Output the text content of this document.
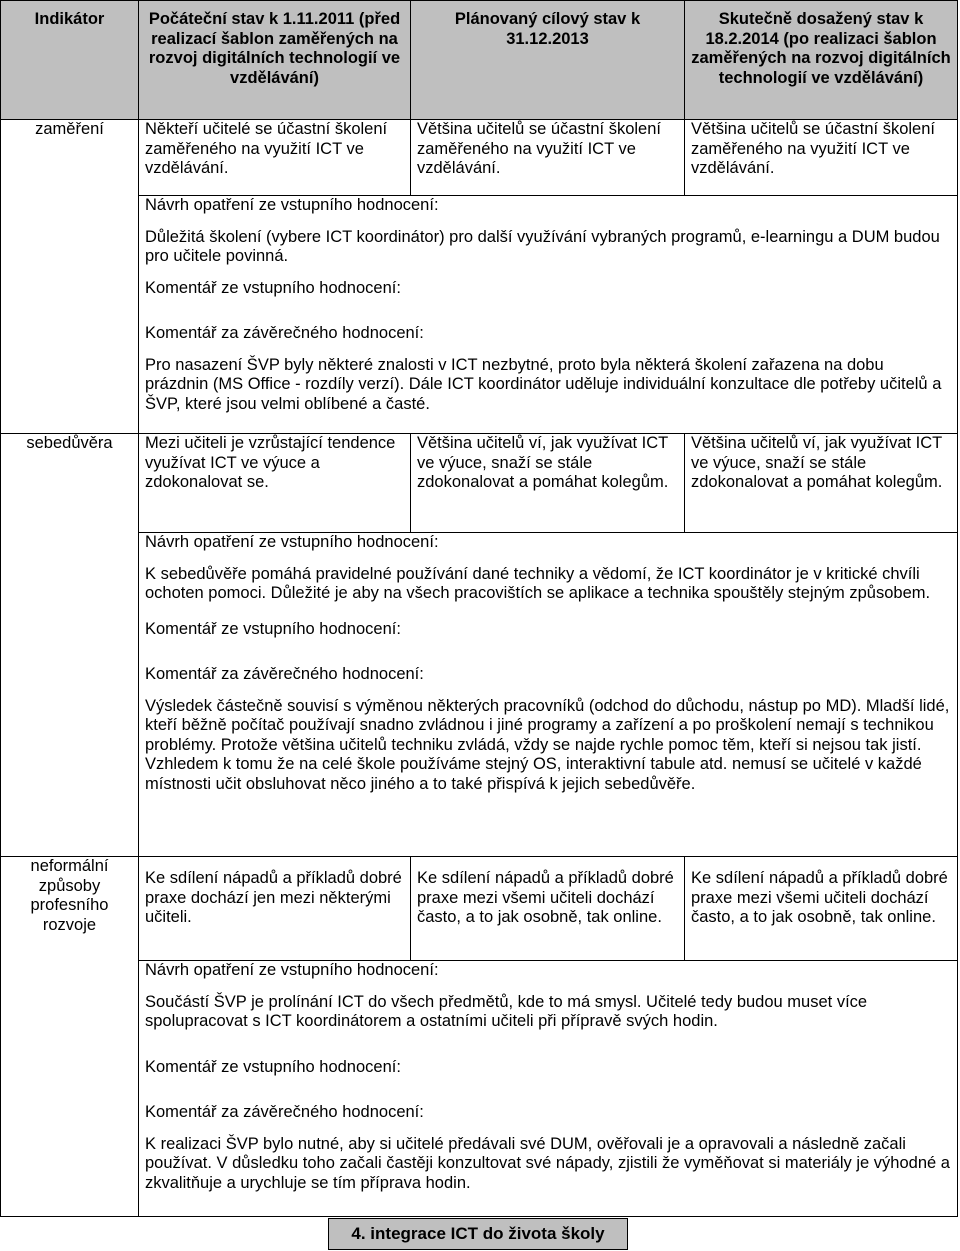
Indikátor	Počáteční stav k 1.11.2011 (před realizací šablon zaměřených na rozvoj digitálních technologií ve vzdělávání)	Plánovaný cílový stav k 31.12.2013	Skutečně dosažený stav k 18.2.2014 (po realizaci šablon zaměřených na rozvoj digitálních technologií ve vzdělávání)
zaměření	Někteří učitelé se účastní školení zaměřeného na využití ICT ve vzdělávání.	Většina učitelů se účastní školení zaměřeného na využití ICT ve vzdělávání.	Většina učitelů se účastní školení zaměřeného na využití ICT ve vzdělávání.

	Návrh opatření ze vstupního hodnocení:
Důležitá školení (vybere ICT koordinátor) pro další využívání vybraných programů, e-learningu a DUM budou pro učitele povinná.
Komentář ze vstupního hodnocení:
Komentář za závěrečného hodnocení:
Pro nasazení ŠVP byly některé znalosti v ICT nezbytné, proto byla některá školení zařazena na dobu prázdnin (MS Office - rozdíly verzí). Dále ICT koordinátor uděluje individuální konzultace dle potřeby učitelů a ŠVP, které jsou velmi oblíbené a časté.		

sebedůvěra	Mezi učiteli je vzrůstající tendence využívat ICT ve výuce a zdokonalovat se.	Většina učitelů ví, jak využívat ICT ve výuce, snaží se stále zdokonalovat a pomáhat kolegům.	Většina učitelů ví, jak využívat ICT ve výuce, snaží se stále zdokonalovat a pomáhat kolegům.

	Návrh opatření ze vstupního hodnocení:
K sebedůvěře pomáhá pravidelné používání dané techniky a vědomí, že ICT koordinátor je v kritické chvíli ochoten pomoci. Důležité je aby na všech pracovištích se aplikace a technika spouštěly stejným způsobem.
Komentář ze vstupního hodnocení:
Komentář za závěrečného hodnocení:
Výsledek částečně souvisí s výměnou některých pracovníků (odchod do důchodu, nástup po MD). Mladší lidé, kteří běžně počítač používají snadno zvládnou i jiné programy a zařízení a po proškolení nemají s technikou problémy. Protože většina učitelů techniku zvládá, vždy se najde rychle pomoc těm, kteří si nejsou tak jistí. Vzhledem k tomu že na celé škole používáme stejný OS, interaktivní tabule atd. nemusí se učitelé v každé místnosti učit obsluhovat něco jiného a to také přispívá k jejich sebedůvěře.		

neformální způsoby profesního rozvoje	Ke sdílení nápadů a příkladů dobré praxe dochází jen mezi některými učiteli.	Ke sdílení nápadů a příkladů dobré praxe mezi všemi učiteli dochází často, a to jak osobně, tak online.	Ke sdílení nápadů a příkladů dobré praxe mezi všemi učiteli dochází často, a to jak osobně, tak online.

	Návrh opatření ze vstupního hodnocení:
Součástí ŠVP je prolínání ICT do všech předmětů, kde to má smysl. Učitelé tedy budou muset více spolupracovat s ICT koordinátorem a ostatními učiteli při přípravě svých hodin.
Komentář ze vstupního hodnocení:
Komentář za závěrečného hodnocení:
K realizaci ŠVP bylo nutné, aby si učitelé předávali své DUM, ověřovali je a opravovali a následně začali používat. V důsledku toho začali častěji konzultovat své nápady, zjistili že vyměňovat si materiály je výhodné a zkvalitňuje a urychluje se tím příprava hodin.		
4. integrace ICT do života školy
